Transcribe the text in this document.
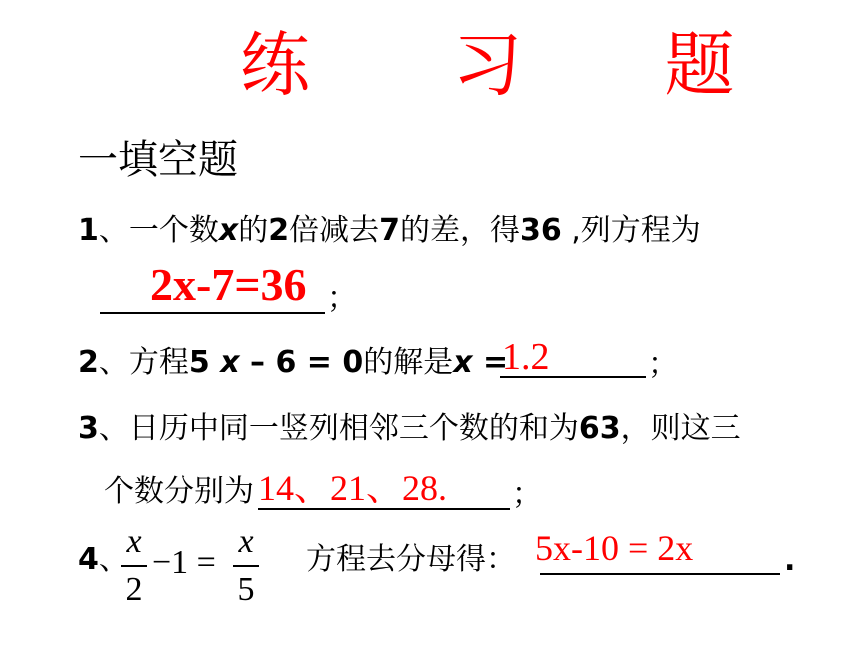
练 习 题
一填空题
1、一个数x的2倍减去7的差，得36 ,列方程为
2x-7=36 ；
2、方程5 x – 6 = 0的解是x =
1.2	；
3、日历中同一竖列相邻三个数的和为63，则这三
个数分别为 14、21、28. ；
4、
x
2
−1 =
x
5
方程去分母得： 5x-10 = 2x	.
